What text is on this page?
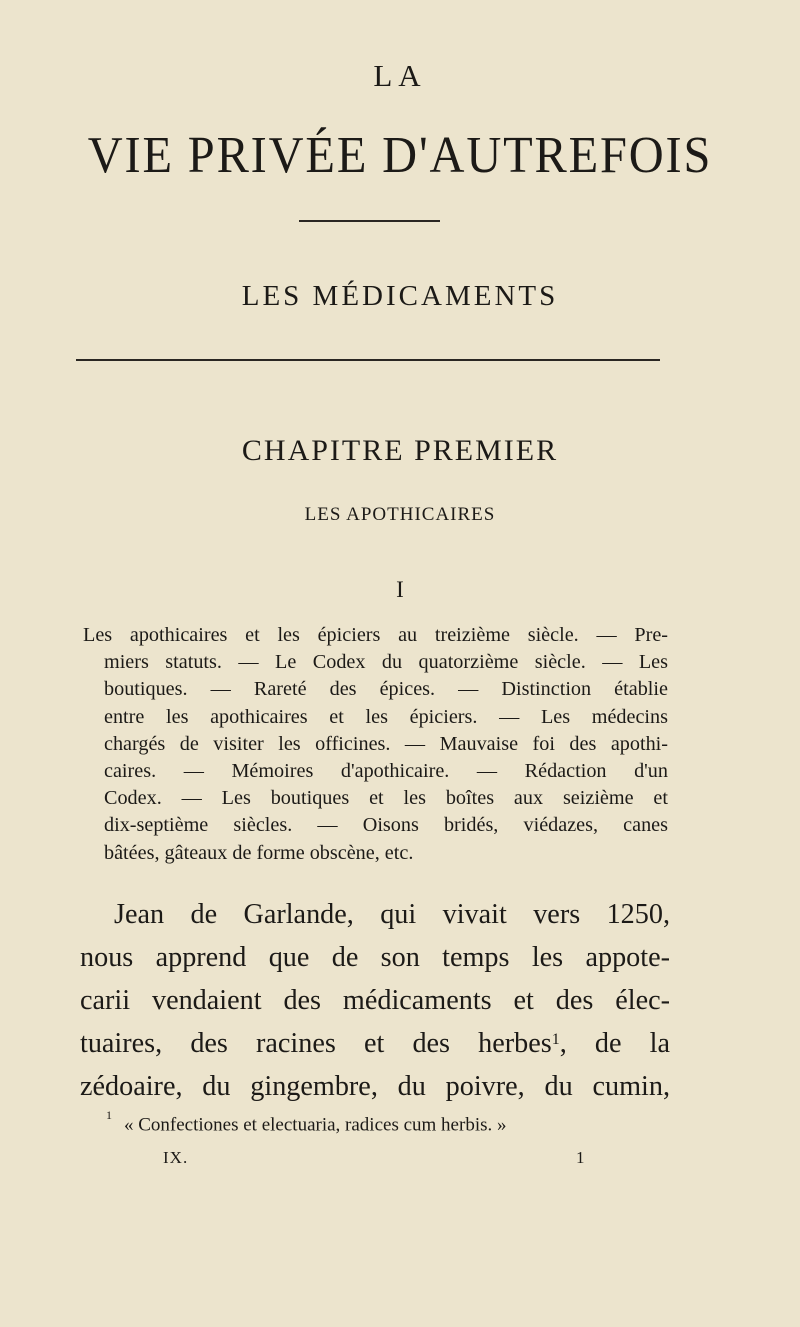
LA
VIE PRIVÉE D'AUTREFOIS
LES MÉDICAMENTS
CHAPITRE PREMIER
LES APOTHICAIRES
I
Les apothicaires et les épiciers au treizième siècle. — Pre-
miers statuts. — Le Codex du quatorzième siècle. — Les
boutiques. — Rareté des épices. — Distinction établie
entre les apothicaires et les épiciers. — Les médecins
chargés de visiter les officines. — Mauvaise foi des apothi-
caires. — Mémoires d'apothicaire. — Rédaction d'un
Codex. — Les boutiques et les boîtes aux seizième et
dix-septième siècles. — Oisons bridés, viédazes, canes
bâtées, gâteaux de forme obscène, etc.
Jean de Garlande, qui vivait vers 1250,
nous apprend que de son temps les appote-
carii vendaient des médicaments et des élec-
tuaires, des racines et des herbes$^1$, de la
zédoaire, du gingembre, du poivre, du cumin,
$^1$ « Confectiones et electuaria, radices cum herbis. »
IX.	1
